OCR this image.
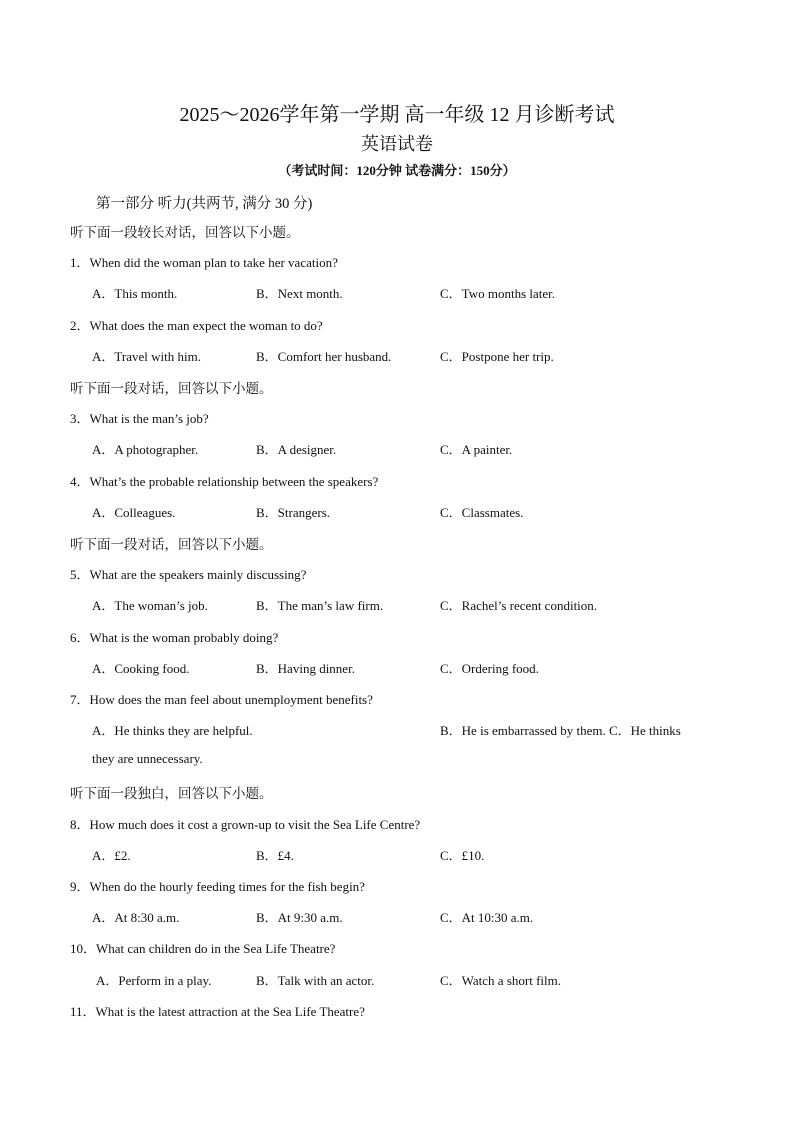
2025～2026学年第一学期 高一年级 12 月诊断考试
英语试卷
（考试时间：120分钟 试卷满分：150分）
第一部分 听力(共两节, 满分 30 分)
听下面一段较长对话，回答以下小题。
1．When did the woman plan to take her vacation?
A．This month.	B．Next month.	C．Two months later.
2．What does the man expect the woman to do?
A．Travel with him.	B．Comfort her husband.	C．Postpone her trip.
听下面一段对话，回答以下小题。
3．What is the man’s job?
A．A photographer.	B．A designer.	C．A painter.
4．What’s the probable relationship between the speakers?
A．Colleagues.	B．Strangers.	C．Classmates.
听下面一段对话，回答以下小题。
5．What are the speakers mainly discussing?
A．The woman’s job.	B．The man’s law firm.	C．Rachel’s recent condition.
6．What is the woman probably doing?
A．Cooking food.	B．Having dinner.	C．Ordering food.
7．How does the man feel about unemployment benefits?
A．He thinks they are helpful.	B．He is embarrassed by them. C．He thinks
they are unnecessary.
听下面一段独白，回答以下小题。
8．How much does it cost a grown-up to visit the Sea Life Centre?
A．£2.	B．£4.	C．£10.
9．When do the hourly feeding times for the fish begin?
A．At 8:30 a.m.	B．At 9:30 a.m.	C．At 10:30 a.m.
10．What can children do in the Sea Life Theatre?
A．Perform in a play.	B．Talk with an actor.	C．Watch a short film.
11．What is the latest attraction at the Sea Life Theatre?
